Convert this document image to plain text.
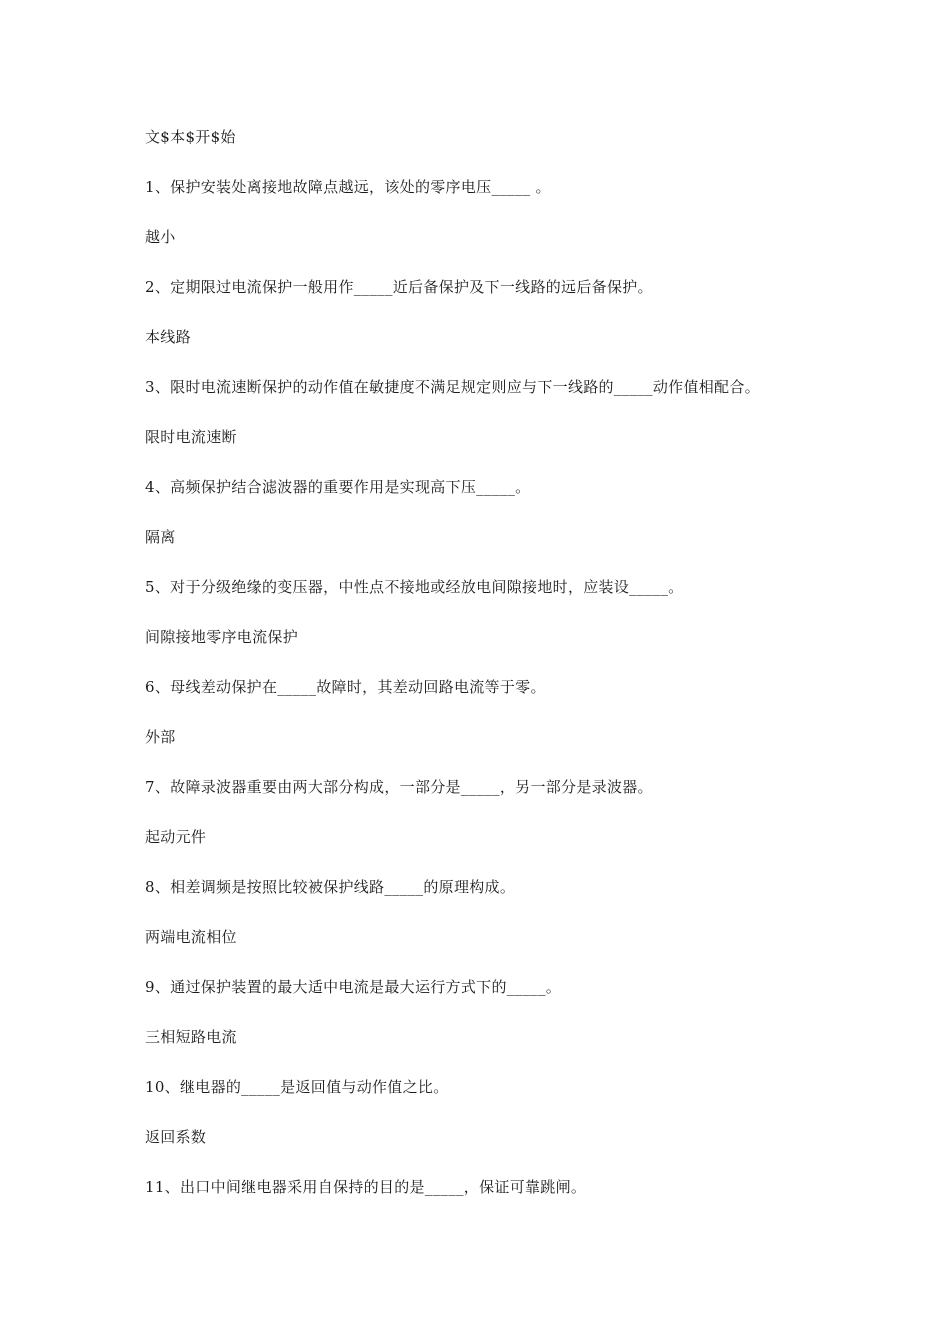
文$本$开$始
1、保护安装处离接地故障点越远，该处的零序电压_____ 。
越小
2、定期限过电流保护一般用作_____近后备保护及下一线路的远后备保护。
本线路
3、限时电流速断保护的动作值在敏捷度不满足规定则应与下一线路的_____动作值相配合。
限时电流速断
4、高频保护结合滤波器的重要作用是实现高下压_____。
隔离
5、对于分级绝缘的变压器，中性点不接地或经放电间隙接地时，应装设_____。
间隙接地零序电流保护
6、母线差动保护在_____故障时，其差动回路电流等于零。
外部
7、故障录波器重要由两大部分构成，一部分是_____，另一部分是录波器。
起动元件
8、相差调频是按照比较被保护线路_____的原理构成。
两端电流相位
9、通过保护装置的最大适中电流是最大运行方式下的_____。
三相短路电流
10、继电器的_____是返回值与动作值之比。
返回系数
11、出口中间继电器采用自保持的目的是_____，保证可靠跳闸。
